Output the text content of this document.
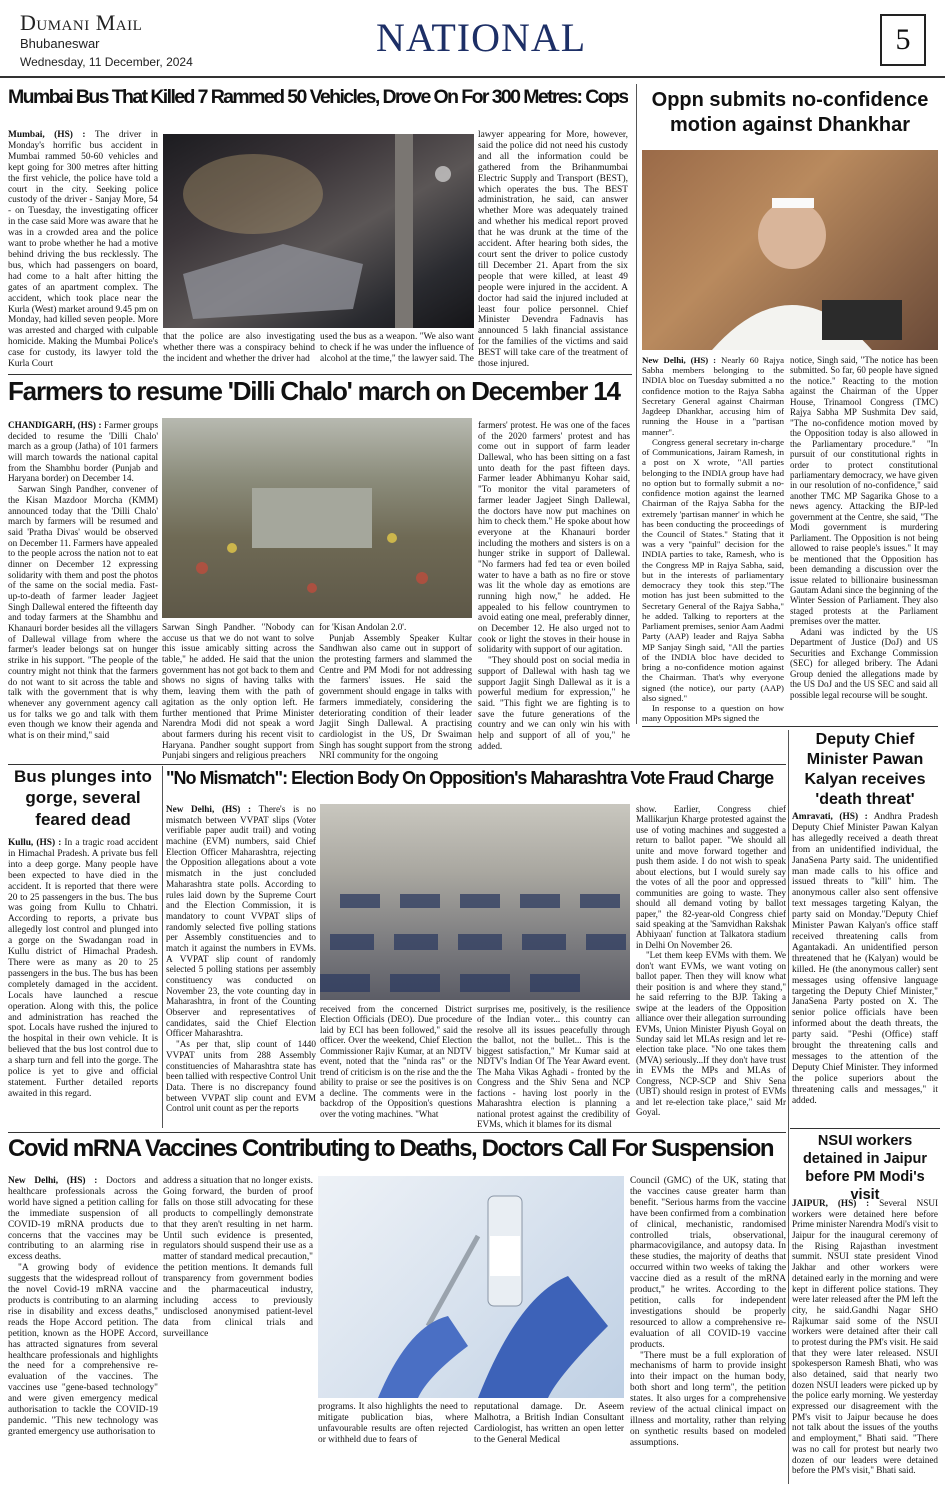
Dumani Mail
Bhubaneswar
Wednesday, 11 December, 2024
NATIONAL	5
Mumbai Bus That Killed 7 Rammed 50 Vehicles, Drove On For 300 Metres: Cops

Mumbai, (HS) : The driver in Monday's horrific bus accident in Mumbai rammed 50-60 vehicles and kept going for 300 metres after hitting the first vehicle, the police have told a court in the city. Seeking police custody of the driver - Sanjay More, 54 - on Tuesday, the investigating officer in the case said More was aware that he was in a crowded area and the police want to probe whether he had a motive behind driving the bus recklessly. The bus, which had passengers on board, had come to a halt after hitting the gates of an apartment complex. The accident, which took place near the Kurla (West) market around 9.45 pm on Monday, had killed seven people. More was arrested and charged with culpable homicide. Making the Mumbai Police's case for custody, its lawyer told the Kurla Court

that the police are also investigating whether there was a conspiracy behind the incident and whether the driver had

used the bus as a weapon. "We also want to check if he was under the influence of alcohol at the time," the lawyer said. The

lawyer appearing for More, however, said the police did not need his custody and all the information could be gathered from the Brihanmumbai Electric Supply and Transport (BEST), which operates the bus. The BEST administration, he said, can answer whether More was adequately trained and whether his medical report proved that he was drunk at the time of the accident. After hearing both sides, the court sent the driver to police custody till December 21. Apart from the six people that were killed, at least 49 people were injured in the accident. A doctor had said the injured included at least four police personnel. Chief Minister Devendra Fadnavis has announced 5 lakh financial assistance for the families of the victims and said BEST will take care of the treatment of those injured.

Oppn submits no-confidence motion against Dhankhar

New Delhi, (HS) : Nearly 60 Rajya Sabha members belonging to the INDIA bloc on Tuesday submitted a no confidence motion to the Rajya Sabha Secretary General against Chairman Jagdeep Dhankhar, accusing him of running the House in a "partisan manner".

Congress general secretary in-charge of Communications, Jairam Ramesh, in a post on X wrote, "All parties belonging to the INDIA group have had no option but to formally submit a no-confidence motion against the learned Chairman of the Rajya Sabha for the extremely 'partisan manner' in which he has been conducting the proceedings of the Council of States." Stating that it was a very "painful" decision for the INDIA parties to take, Ramesh, who is the Congress MP in Rajya Sabha, said, but in the interests of parliamentary democracy they took this step."The motion has just been submitted to the Secretary General of the Rajya Sabha," he added. Talking to reporters at the Parliament premises, senior Aam Aadmi Party (AAP) leader and Rajya Sabha MP Sanjay Singh said, "All the parties of the INDIA bloc have decided to bring a no-confidence motion against the Chairman. That's why everyone signed (the notice), our party (AAP) also signed."

In response to a question on how many Opposition MPs signed the

notice, Singh said, "The notice has been submitted. So far, 60 people have signed the notice." Reacting to the motion against the Chairman of the Upper House, Trinamool Congress (TMC) Rajya Sabha MP Sushmita Dev said, "The no-confidence motion moved by the Opposition today is also allowed in the Parliamentary procedure." "In pursuit of our constitutional rights in order to protect constitutional parliamentary democracy, we have given in our resolution of no-confidence," said another TMC MP Sagarika Ghose to a news agency. Attacking the BJP-led government at the Centre, she said, "The Modi government is murdering Parliament. The Opposition is not being allowed to raise people's issues." It may be mentioned that the Opposition has been demanding a discussion over the issue related to billionaire businessman Gautam Adani since the beginning of the Winter Session of Parliament. They also staged protests at the Parliament premises over the matter.

Adani was indicted by the US Department of Justice (DoJ) and US Securities and Exchange Commission (SEC) for alleged bribery. The Adani Group denied the allegations made by the US DoJ and the US SEC and said all possible legal recourse will be sought.

Farmers to resume 'Dilli Chalo' march on December 14

CHANDIGARH, (HS) : Farmer groups decided to resume the 'Dilli Chalo' march as a group (Jatha) of 101 farmers will march towards the national capital from the Shambhu border (Punjab and Haryana border) on December 14.

Sarwan Singh Pandher, convener of the Kisan Mazdoor Morcha (KMM) announced today that the 'Dilli Chalo' march by farmers will be resumed and said 'Pratha Divas' would be observed on December 11. Farmers have appealed to the people across the nation not to eat dinner on December 12 expressing solidarity with them and post the photos of the same on the social media. Fast-up-to-death of farmer leader Jagjeet Singh Dallewal entered the fifteenth day and today farmers at the Shambhu and Khanauri border besides all the villagers of Dallewal village from where the farmer's leader belongs sat on hunger strike in his support. "The people of the country might not think that the farmers do not want to sit across the table and talk with the government that is why whenever any government agency call us for talks we go and talk with them even though we know their agenda and what is on their mind," said

Sarwan Singh Pandher. "Nobody can accuse us that we do not want to solve this issue amicably sitting across the table," he added. He said that the union government has not got back to them and shows no signs of having talks with them, leaving them with the path of agitation as the only option left. He further mentioned that Prime Minister Narendra Modi did not speak a word about farmers during his recent visit to Haryana. Pandher sought support from Punjabi singers and religious preachers

for 'Kisan Andolan 2.0'.

Punjab Assembly Speaker Kultar Sandhwan also came out in support of the protesting farmers and slammed the Centre and PM Modi for not addressing the farmers' issues. He said the government should engage in talks with farmers immediately, considering the deteriorating condition of their leader Jagjit Singh Dallewal. A practising cardiologist in the US, Dr Swaiman Singh has sought support from the strong NRI community for the ongoing

farmers' protest. He was one of the faces of the 2020 farmers' protest and has come out in support of farm leader Dallewal, who has been sitting on a fast unto death for the past fifteen days. Farmer leader Abhimanyu Kohar said, "To monitor the vital parameters of farmer leader Jagjeet Singh Dallewal, the doctors have now put machines on him to check them." He spoke about how everyone at the Khanauri border including the mothers and sisters is on a hunger strike in support of Dallewal. "No farmers had fed tea or even boiled water to have a bath as no fire or stove was lit the whole day as emotions are running high now," he added. He appealed to his fellow countrymen to avoid eating one meal, preferably dinner, on December 12. He also urged not to cook or light the stoves in their house in solidarity with support of our agitation.

"They should post on social media in support of Dallewal with hash tag we support Jagjit Singh Dallewal as it is a powerful medium for expression," he said. "This fight we are fighting is to save the future generations of the country and we can only win his with help and support of all of you," he added.	Deputy Chief Minister Pawan Kalyan receives 'death threat'

Amravati, (HS) : Andhra Pradesh Deputy Chief Minister Pawan Kalyan has allegedly received a death threat from an unidentified individual, the JanaSena Party said. The unidentified man made calls to his office and issued threats to "kill" him. The anonymous caller also sent offensive text messages targeting Kalyan, the party said on Monday."Deputy Chief Minister Pawan Kalyan's office staff received threatening calls from Agantakadi. An unidentified person threatened that he (Kalyan) would be killed. He (the anonymous caller) sent messages using offensive language targeting the Deputy Chief Minister," JanaSena Party posted on X. The senior police officials have been informed about the death threats, the party said. "Peshi (Office) staff brought the threatening calls and messages to the attention of the Deputy Chief Minister. They informed the police superiors about the threatening calls and messages," it added.

Bus plunges into gorge, several feared dead

Kullu, (HS) : In a tragic road accident in Himachal Pradesh. A private bus fell into a deep gorge. Many people have been expected to have died in the accident. It is reported that there were 20 to 25 passengers in the bus. The bus was going from Kullu to Chhatri. According to reports, a private bus allegedly lost control and plunged into a gorge on the Swadangan road in Kullu district of Himachal Pradesh. There were as many as 20 to 25 passengers in the bus. The bus has been completely damaged in the accident. Locals have launched a rescue operation. Along with this, the police and administration has reached the spot. Locals have rushed the injured to the hospital in their own vehicle. It is believed that the bus lost control due to a sharp turn and fell into the gorge. The police is yet to give and official statement. Further detailed reports awaited in this regard.

"No Mismatch": Election Body On Opposition's Maharashtra Vote Fraud Charge

New Delhi, (HS) : There's is no mismatch between VVPAT slips (Voter verifiable paper audit trail) and voting machine (EVM) numbers, said Chief Election Officer Maharashtra, rejecting the Opposition allegations about a vote mismatch in the just concluded Maharashtra state polls. According to rules laid down by the Supreme Court and the Election Commission, it is mandatory to count VVPAT slips of randomly selected five polling stations per Assembly constituencies and to match it against the numbers in EVMs. A VVPAT slip count of randomly selected 5 polling stations per assembly constituency was conducted on November 23, the vote counting day in Maharashtra, in front of the Counting Observer and representatives of candidates, said the Chief Election Officer Maharashtra.

"As per that, slip count of 1440 VVPAT units from 288 Assembly constituencies of Maharashtra state has been tallied with respective Control Unit Data. There is no discrepancy found between VVPAT slip count and EVM Control unit count as per the reports

received from the concerned District Election Officials (DEO). Due procedure laid by ECI has been followed," said the officer. Over the weekend, Chief Election Commissioner Rajiv Kumar, at an NDTV event, noted that the "ninda ras" or the trend of criticism is on the rise and the the ability to praise or see the positives is on a decline. The comments were in the backdrop of the Opposition's questions over the voting machines. "What

surprises me, positively, is the resilience of the Indian voter... this country can resolve all its issues peacefully through the ballot, not the bullet... This is the biggest satisfaction," Mr Kumar said at NDTV's Indian Of The Year Award event. The Maha Vikas Aghadi - fronted by the Congress and the Shiv Sena and NCP factions - having lost poorly in the Maharashtra election is planning a national protest against the credibility of EVMs, which it blames for its dismal

show. Earlier, Congress chief Mallikarjun Kharge protested against the use of voting machines and suggested a return to ballot paper. "We should all unite and move forward together and push them aside. I do not wish to speak about elections, but I would surely say the votes of all the poor and oppressed communities are going to waste. They should all demand voting by ballot paper," the 82-year-old Congress chief said speaking at the 'Samvidhan Rakshak Abhiyaan' function at Talkatora stadium in Delhi On November 26.

"Let them keep EVMs with them. We don't want EVMs, we want voting on ballot paper. Then they will know what their position is and where they stand," he said referring to the BJP. Taking a swipe at the leaders of the Opposition alliance over their allegation surrounding EVMs, Union Minister Piyush Goyal on Sunday said let MLAs resign and let re-election take place. "No one takes them (MVA) seriously...If they don't have trust in EVMs the MPs and MLAs of Congress, NCP-SCP and Shiv Sena (UBT) should resign in protest of EVMs and let re-election take place," said Mr Goyal.

Covid mRNA Vaccines Contributing to Deaths, Doctors Call For Suspension

New Delhi, (HS) : Doctors and healthcare professionals across the world have signed a petition calling for the immediate suspension of all COVID-19 mRNA products due to concerns that the vaccines may be contributing to an alarming rise in excess deaths.

"A growing body of evidence suggests that the widespread rollout of the novel Covid-19 mRNA vaccine products is contributing to an alarming rise in disability and excess deaths," reads the Hope Accord petition. The petition, known as the HOPE Accord, has attracted signatures from several healthcare professionals and highlights the need for a comprehensive re-evaluation of the vaccines. The vaccines use "gene-based technology" and were given emergency medical authorisation to tackle the COVID-19 pandemic. "This new technology was granted emergency use authorisation to

address a situation that no longer exists. Going forward, the burden of proof falls on those still advocating for these products to compellingly demonstrate that they aren't resulting in net harm. Until such evidence is presented, regulators should suspend their use as a matter of standard medical precaution," the petition mentions. It demands full transparency from government bodies and the pharmaceutical industry, including access to previously undisclosed anonymised patient-level data from clinical trials and surveillance

programs. It also highlights the need to mitigate publication bias, where unfavourable results are often rejected or withheld due to fears of

reputational damage. Dr. Aseem Malhotra, a British Indian Consultant Cardiologist, has written an open letter to the General Medical

Council (GMC) of the UK, stating that the vaccines cause greater harm than benefit. "Serious harms from the vaccine have been confirmed from a combination of clinical, mechanistic, randomised controlled trials, observational, pharmacovigilance, and autopsy data. In these studies, the majority of deaths that occurred within two weeks of taking the vaccine died as a result of the mRNA product," he writes. According to the petition, calls for independent investigations should be properly resourced to allow a comprehensive re-evaluation of all COVID-19 vaccine products.

"There must be a full exploration of mechanisms of harm to provide insight into their impact on the human body, both short and long term", the petition states. It also urges for a comprehensive review of the actual clinical impact on illness and mortality, rather than relying on synthetic results based on modeled assumptions.

NSUI workers detained in Jaipur before PM Modi's visit

JAIPUR, (HS) : Several NSUI workers were detained here before Prime minister Narendra Modi's visit to Jaipur for the inaugural ceremony of the Rising Rajasthan investment summit. NSUI state president Vinod Jakhar and other workers were detained early in the morning and were kept in different police stations. They were later released after the PM left the city, he said.Gandhi Nagar SHO Rajkumar said some of the NSUI workers were detained after their call to protest during the PM's visit. He said that they were later released. NSUI spokesperson Ramesh Bhati, who was also detained, said that nearly two dozen NSUI leaders were picked up by the police early morning. We yesterday expressed our disagreement with the PM's visit to Jaipur because he does not talk about the issues of the youths and employment," Bhati said. "There was no call for protest but nearly two dozen of our leaders were detained before the PM's visit," Bhati said.
